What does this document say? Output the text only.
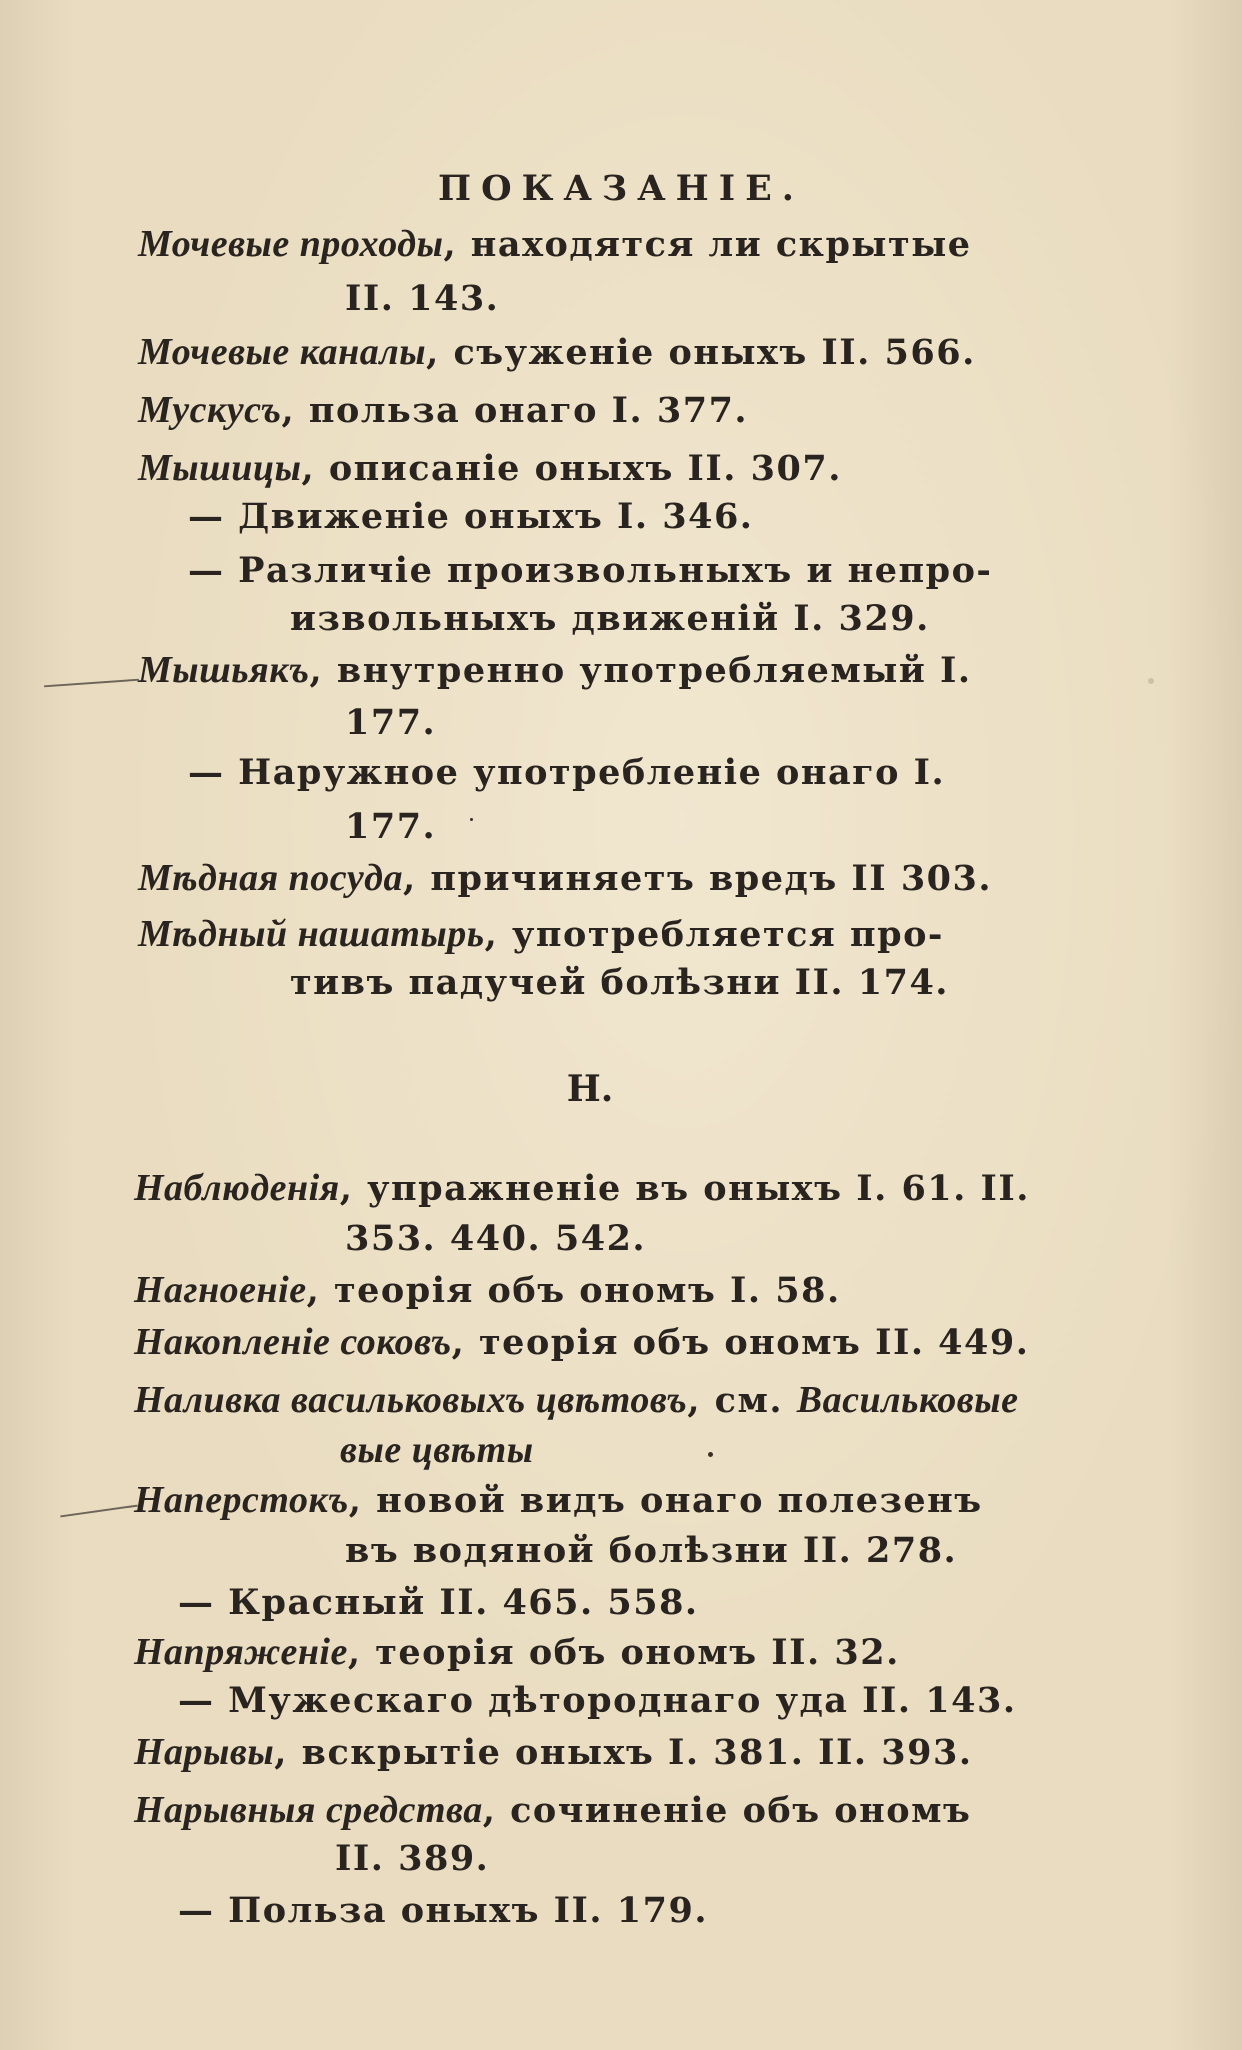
ПОКАЗАНІЕ.
Мочевые проходы, находятся ли скрытые
II. 143.
Мочевые каналы, съуженіе оныхъ II. 566.
Мускусъ, польза онаго I. 377.
Мышицы, описаніе оныхъ II. 307.
— Движеніе оныхъ I. 346.
— Различіе произвольныхъ и непро-
извольныхъ движеній I. 329.
Мышьякъ, внутренно употребляемый I.
177.
— Наружное употребленіе онаго I.
177.
Мѣдная посуда, причиняетъ вредъ II 303.
Мѣдный нашатырь, употребляется про-
тивъ падучей болѣзни II. 174.
Н.
Наблюденія, упражненіе въ оныхъ I. 61. II.
353. 440. 542.
Нагноеніе, теорія объ ономъ I. 58.
Накопленіе соковъ, теорія объ ономъ II. 449.
Наливка васильковыхъ цвѣтовъ, см. Васильковые
вые цвѣты
Наперстокъ, новой видъ онаго полезенъ
въ водяной болѣзни II. 278.
— Красный II. 465. 558.
Напряженіе, теорія объ ономъ II. 32.
— Мужескаго дѣтороднаго уда II. 143.
Нарывы, вскрытіе оныхъ I. 381. II. 393.
Нарывныя средства, сочиненіе объ ономъ
II. 389.
— Польза оныхъ II. 179.
